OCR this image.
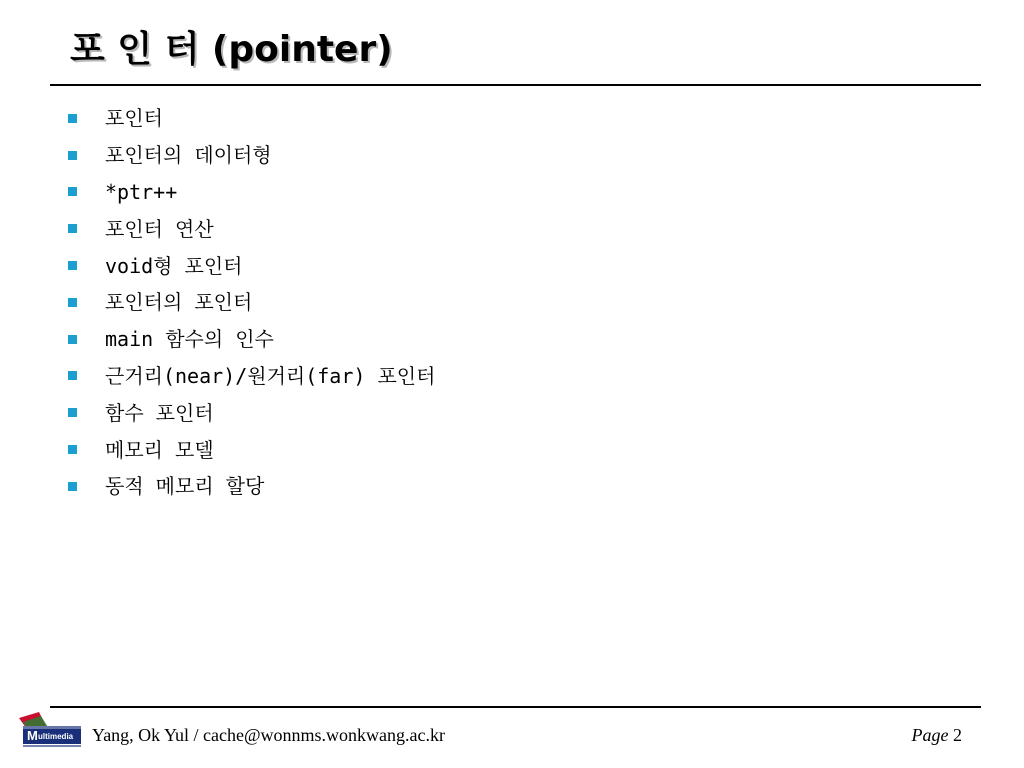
포 인 터 (pointer)
포인터
포인터의 데이터형
*ptr++
포인터 연산
void형 포인터
포인터의 포인터
main 함수의 인수
근거리(near)/원거리(far) 포인터
함수 포인터
메모리 모델
동적 메모리 할당
M ultimedia Yang, Ok Yul / cache@wonnms.wonkwang.ac.kr	Page 2
